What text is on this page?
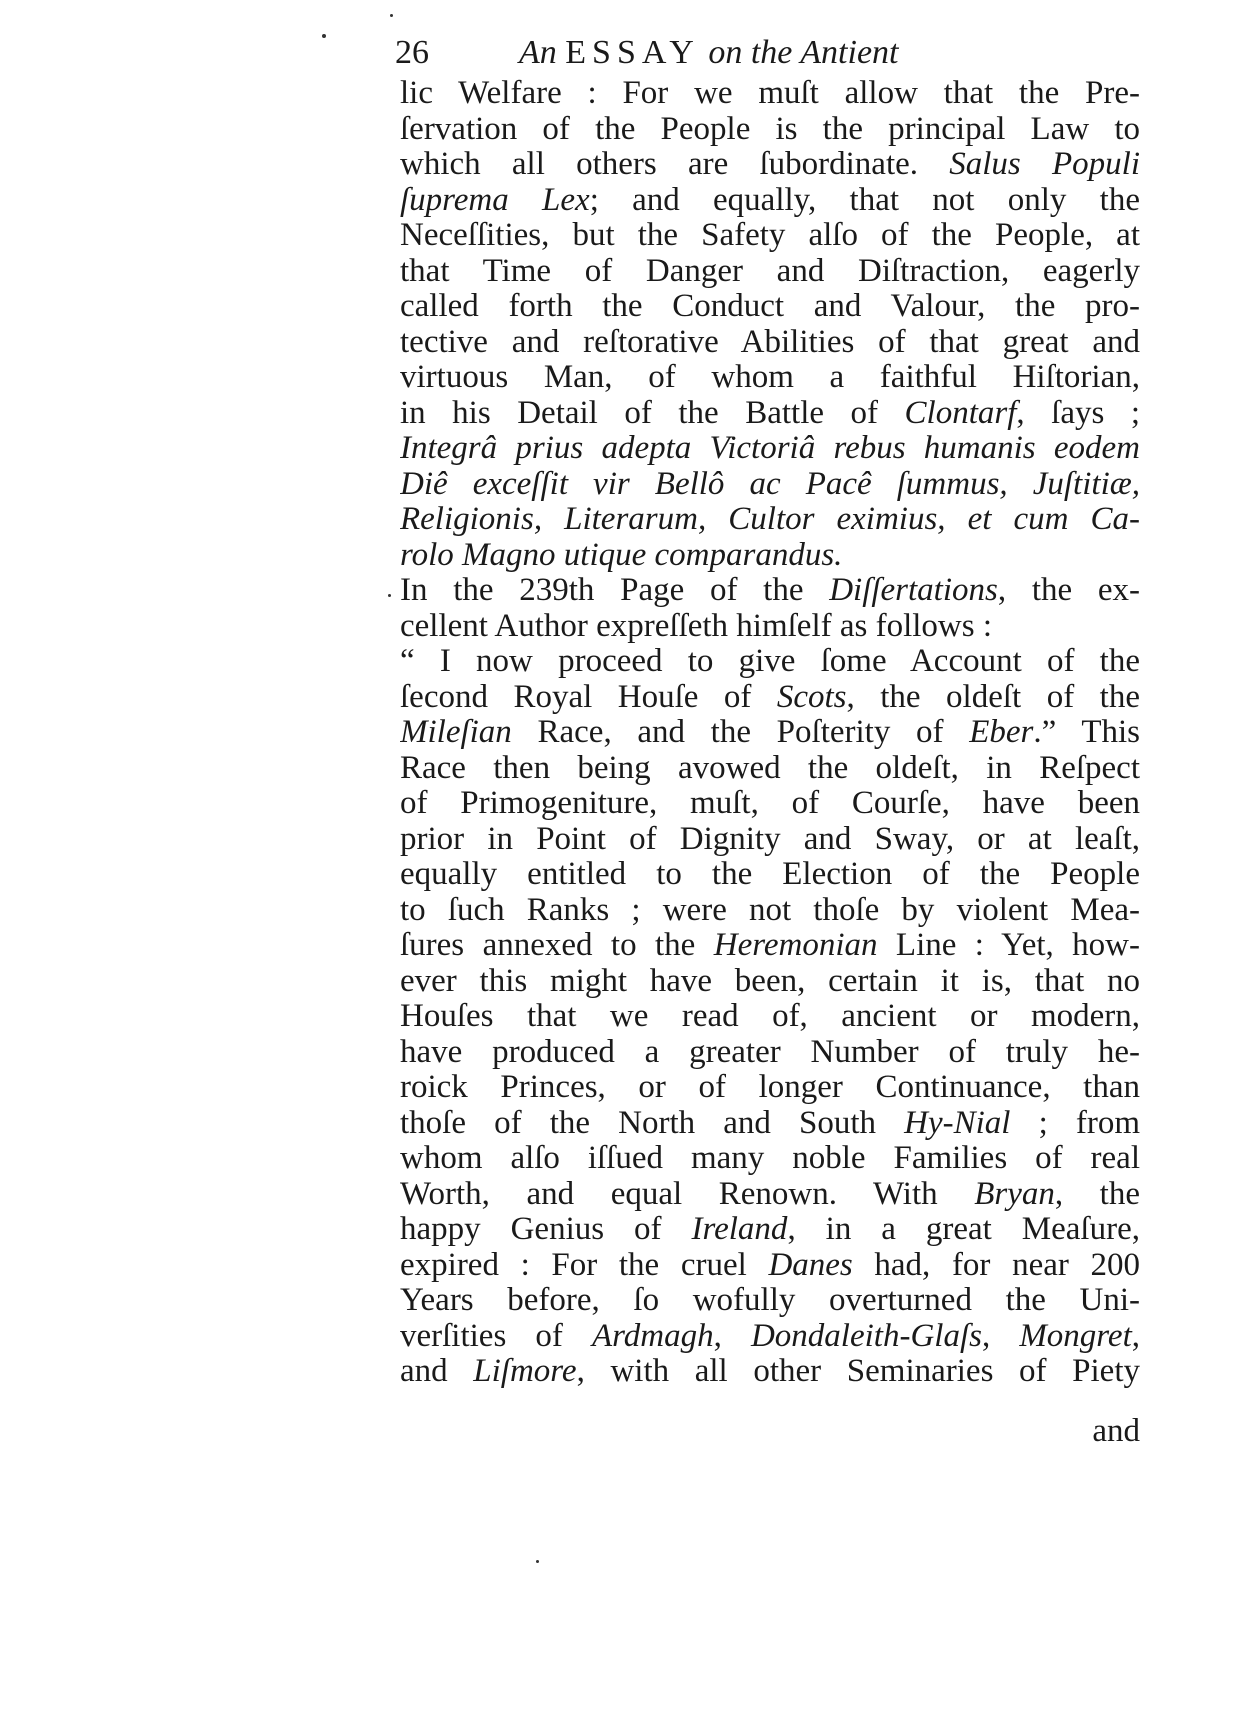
26	An ESSAY on the Antient
lic Welfare : For we muſt allow that the Pre-
ſervation of the People is the principal Law to
which all others are ſubordinate. Salus Populi
ſuprema Lex; and equally, that not only the
Neceſſities, but the Safety alſo of the People, at
that Time of Danger and Diſtraction, eagerly
called forth the Conduct and Valour, the pro-
tective and reſtorative Abilities of that great and
virtuous Man, of whom a faithful Hiſtorian,
in his Detail of the Battle of Clontarf, ſays ;
Integrâ prius adepta Victoriâ rebus humanis eodem
Diê exceſſit vir Bellô ac Pacê ſummus, Juſtitiæ,
Religionis, Literarum, Cultor eximius, et cum Ca-
rolo Magno utique comparandus.
In the 239th Page of the Diſſertations, the ex-
cellent Author expreſſeth himſelf as follows :
“ I now proceed to give ſome Account of the
ſecond Royal Houſe of Scots, the oldeſt of the
Mileſian Race, and the Poſterity of Eber.” This
Race then being avowed the oldeſt, in Reſpect
of Primogeniture, muſt, of Courſe, have been
prior in Point of Dignity and Sway, or at leaſt,
equally entitled to the Election of the People
to ſuch Ranks ; were not thoſe by violent Mea-
ſures annexed to the Heremonian Line : Yet, how-
ever this might have been, certain it is, that no
Houſes that we read of, ancient or modern,
have produced a greater Number of truly he-
roick Princes, or of longer Continuance, than
thoſe of the North and South Hy-Nial ; from
whom alſo iſſued many noble Families of real
Worth, and equal Renown. With Bryan, the
happy Genius of Ireland, in a great Meaſure,
expired : For the cruel Danes had, for near 200
Years before, ſo wofully overturned the Uni-
verſities of Ardmagh, Dondaleith-Glaſs, Mongret,
and Liſmore, with all other Seminaries of Piety
and
